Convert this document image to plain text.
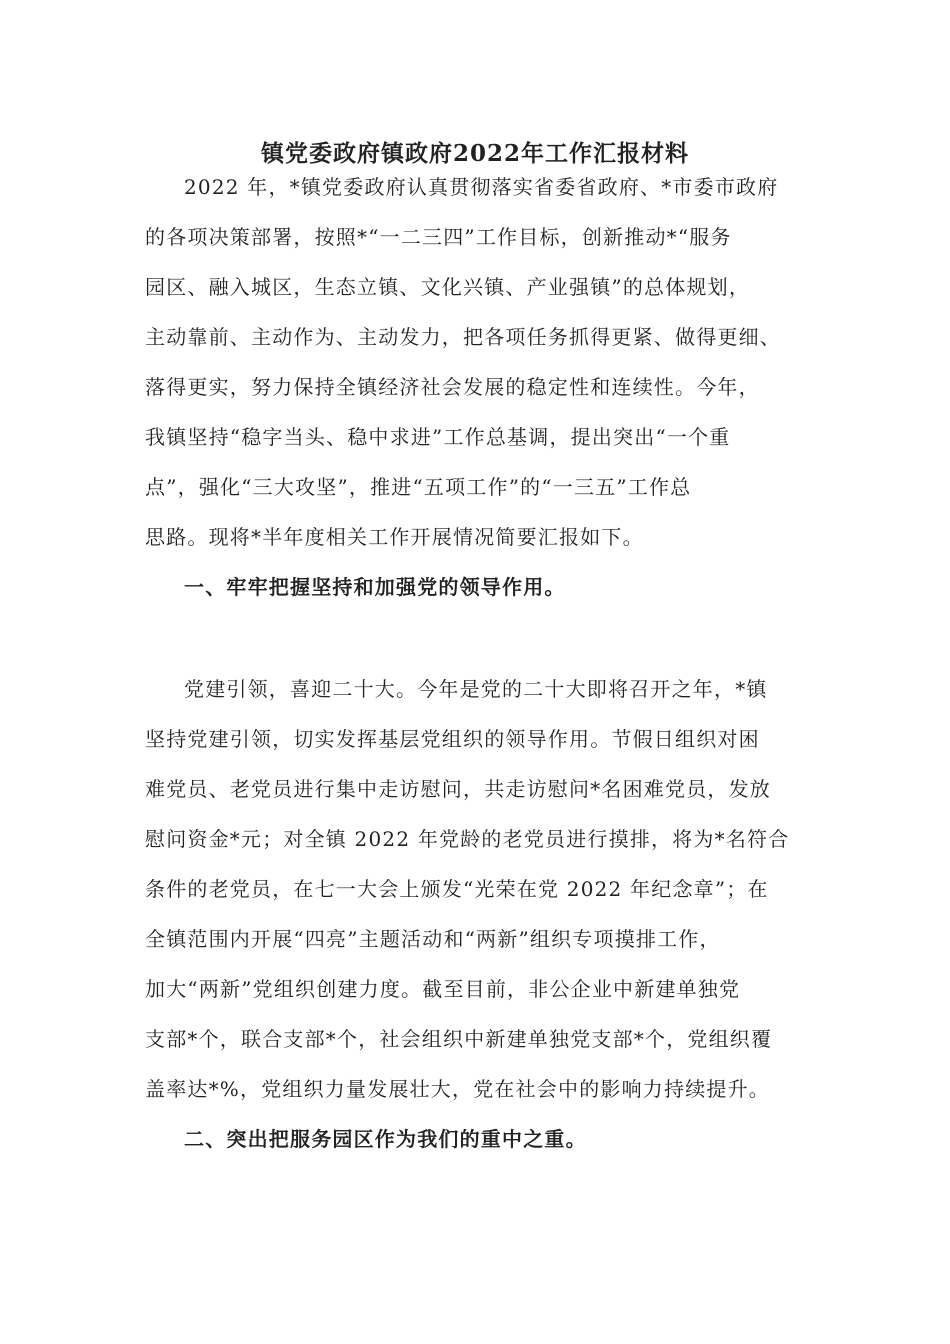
镇党委政府镇政府2022年工作汇报材料
2022 年，*镇党委政府认真贯彻落实省委省政府、*市委市政府
的各项决策部署，按照*“一二三四”工作目标，创新推动*“服务
园区、融入城区，生态立镇、文化兴镇、产业强镇”的总体规划，
主动靠前、主动作为、主动发力，把各项任务抓得更紧、做得更细、
落得更实，努力保持全镇经济社会发展的稳定性和连续性。今年，
我镇坚持“稳字当头、稳中求进”工作总基调，提出突出“一个重
点”，强化“三大攻坚”，推进“五项工作”的“一三五”工作总
思路。现将*半年度相关工作开展情况简要汇报如下。
一、牢牢把握坚持和加强党的领导作用。
党建引领，喜迎二十大。今年是党的二十大即将召开之年，*镇
坚持党建引领，切实发挥基层党组织的领导作用。节假日组织对困
难党员、老党员进行集中走访慰问，共走访慰问*名困难党员，发放
慰问资金*元；对全镇 2022 年党龄的老党员进行摸排，将为*名符合
条件的老党员，在七一大会上颁发“光荣在党 2022 年纪念章”；在
全镇范围内开展“四亮”主题活动和“两新”组织专项摸排工作，
加大“两新”党组织创建力度。截至目前，非公企业中新建单独党
支部*个，联合支部*个，社会组织中新建单独党支部*个，党组织覆
盖率达*%，党组织力量发展壮大，党在社会中的影响力持续提升。
二、突出把服务园区作为我们的重中之重。
